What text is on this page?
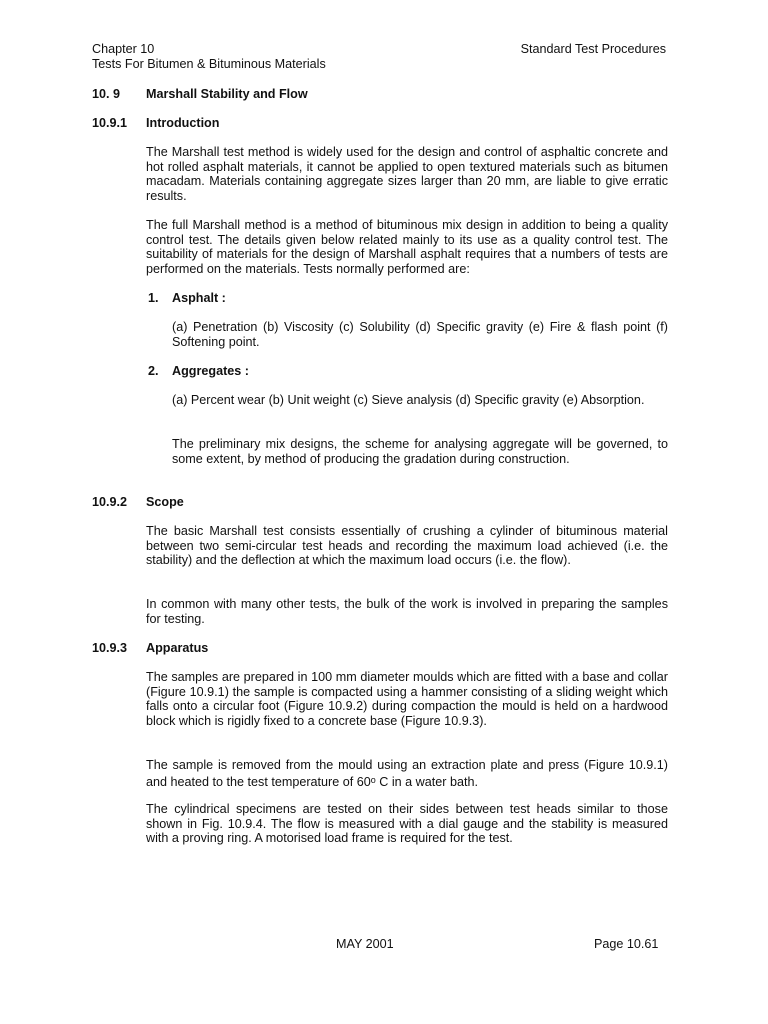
Chapter 10
Tests For Bitumen & Bituminous Materials
Standard Test Procedures
10. 9 Marshall Stability and Flow
10.9.1 Introduction
The Marshall test method is widely used for the design and control of asphaltic concrete and hot rolled asphalt materials, it cannot be applied to open textured materials such as bitumen macadam. Materials containing aggregate sizes larger than 20 mm, are liable to give erratic results.
The full Marshall method is a method of bituminous mix design in addition to being a quality control test. The details given below related mainly to its use as a quality control test. The suitability of materials for the design of Marshall asphalt requires that a numbers of tests are performed on the materials. Tests normally performed are:
1. Asphalt :
(a) Penetration (b) Viscosity (c) Solubility (d) Specific gravity (e) Fire & flash point (f) Softening point.
2. Aggregates :
(a) Percent wear (b) Unit weight (c) Sieve analysis (d) Specific gravity (e) Absorption.
The preliminary mix designs, the scheme for analysing aggregate will be governed, to some extent, by method of producing the gradation during construction.
10.9.2 Scope
The basic Marshall test consists essentially of crushing a cylinder of bituminous material between two semi-circular test heads and recording the maximum load achieved (i.e. the stability) and the deflection at which the maximum load occurs (i.e. the flow).
In common with many other tests, the bulk of the work is involved in preparing the samples for testing.
10.9.3 Apparatus
The samples are prepared in 100 mm diameter moulds which are fitted with a base and collar (Figure 10.9.1) the sample is compacted using a hammer consisting of a sliding weight which falls onto a circular foot (Figure 10.9.2) during compaction the mould is held on a hardwood block which is rigidly fixed to a concrete base (Figure 10.9.3).
The sample is removed from the mould using an extraction plate and press (Figure 10.9.1) and heated to the test temperature of 60$^o$ C in a water bath.
The cylindrical specimens are tested on their sides between test heads similar to those shown in Fig. 10.9.4. The flow is measured with a dial gauge and the stability is measured with a proving ring. A motorised load frame is required for the test.
MAY 2001	Page 10.61
